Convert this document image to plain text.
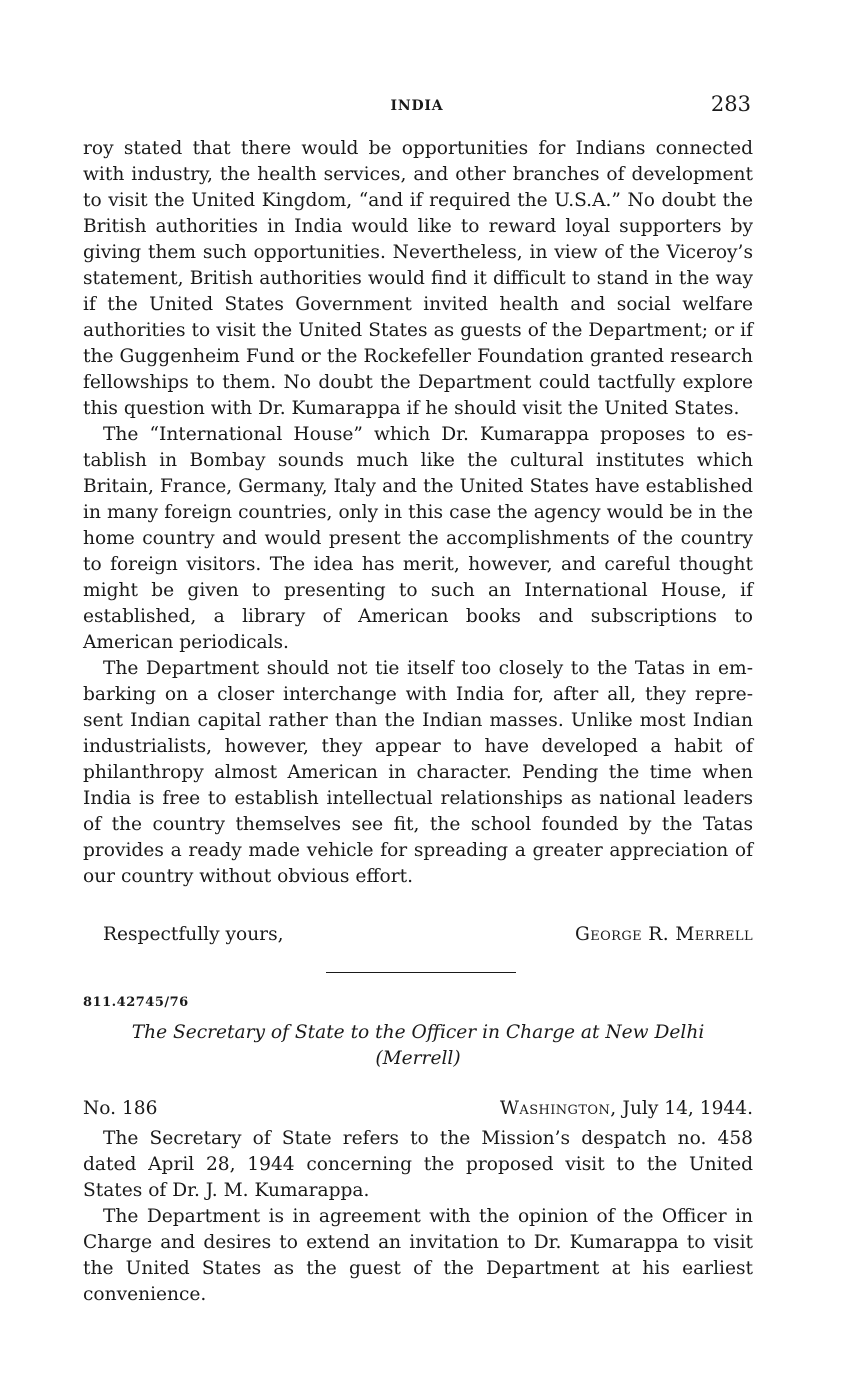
INDIA	283

roy stated that there would be opportunities for Indians connected with industry, the health services, and other branches of development to visit the United Kingdom, “and if required the U.S.A.” No doubt the British authorities in India would like to reward loyal supporters by giving them such opportunities. Nevertheless, in view of the Viceroy’s statement, British authorities would find it difficult to stand in the way if the United States Government invited health and social welfare authorities to visit the United States as guests of the Department; or if the Guggenheim Fund or the Rockefeller Foundation granted research fellowships to them. No doubt the Department could tactfully explore this question with Dr. Kumarappa if he should visit the United States.

The “International House” which Dr. Kumarappa proposes to establish in Bombay sounds much like the cultural institutes which Britain, France, Germany, Italy and the United States have established in many foreign countries, only in this case the agency would be in the home country and would present the accomplishments of the country to foreign visitors. The idea has merit, however, and careful thought might be given to presenting to such an International House, if established, a library of American books and subscriptions to American periodicals.

The Department should not tie itself too closely to the Tatas in embarking on a closer interchange with India for, after all, they represent Indian capital rather than the Indian masses. Unlike most Indian industrialists, however, they appear to have developed a habit of philanthropy almost American in character. Pending the time when India is free to establish intellectual relationships as national leaders of the country themselves see fit, the school founded by the Tatas provides a ready made vehicle for spreading a greater appreciation of our country without obvious effort.

Respectfully yours,	George R. Merrell
811.42745/76
The Secretary of State to the Officer in Charge at New Delhi
(Merrell)
No. 186	Washington, July 14, 1944.

The Secretary of State refers to the Mission’s despatch no. 458 dated April 28, 1944 concerning the proposed visit to the United States of Dr. J. M. Kumarappa.

The Department is in agreement with the opinion of the Officer in Charge and desires to extend an invitation to Dr. Kumarappa to visit the United States as the guest of the Department at his earliest convenience.
